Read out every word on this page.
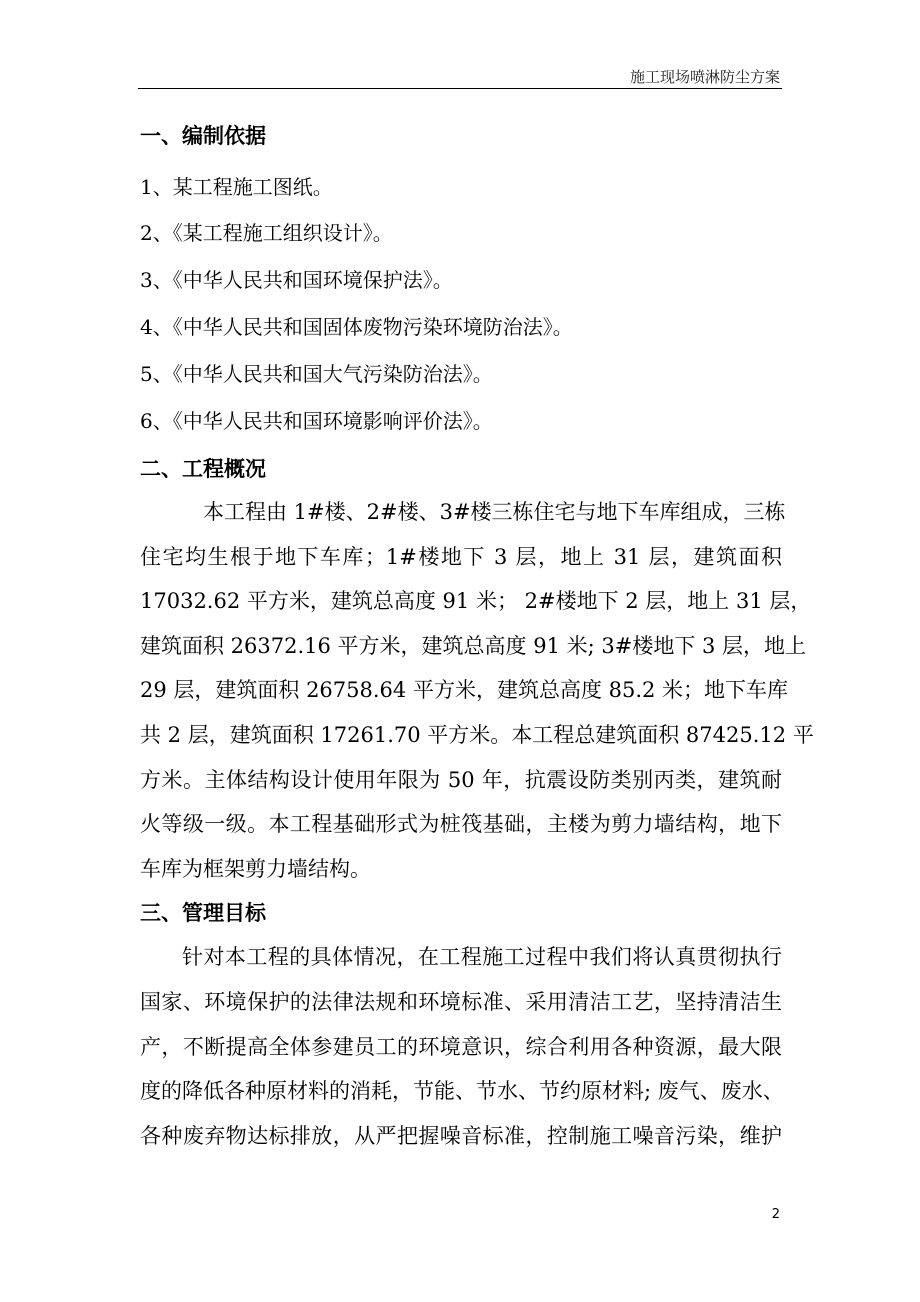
施工现场喷淋防尘方案

一、编制依据

1、某工程施工图纸。

2、《某工程施工组织设计》。

3、《中华人民共和国环境保护法》。

4、《中华人民共和国固体废物污染环境防治法》。

5、《中华人民共和国大气污染防治法》。

6、《中华人民共和国环境影响评价法》。

二、工程概况

本工程由 1#楼、2#楼、3#楼三栋住宅与地下车库组成，三栋
住宅均生根于地下车库；1#楼地下 3 层，地上 31 层，建筑面积
17032.62 平方米，建筑总高度 91 米； 2#楼地下 2 层，地上 31 层，
建筑面积 26372.16 平方米，建筑总高度 91 米; 3#楼地下 3 层，地上
29 层，建筑面积 26758.64 平方米，建筑总高度 85.2 米；地下车库
共 2 层，建筑面积 17261.70 平方米。本工程总建筑面积 87425.12 平
方米。主体结构设计使用年限为 50 年，抗震设防类别丙类，建筑耐
火等级一级。本工程基础形式为桩筏基础，主楼为剪力墙结构，地下
车库为框架剪力墙结构。

三、管理目标

针对本工程的具体情况，在工程施工过程中我们将认真贯彻执行
国家、环境保护的法律法规和环境标准、采用清洁工艺，坚持清洁生
产，不断提高全体参建员工的环境意识，综合利用各种资源，最大限
度的降低各种原材料的消耗，节能、节水、节约原材料; 废气、废水、
各种废弃物达标排放，从严把握噪音标准，控制施工噪音污染，维护
2
